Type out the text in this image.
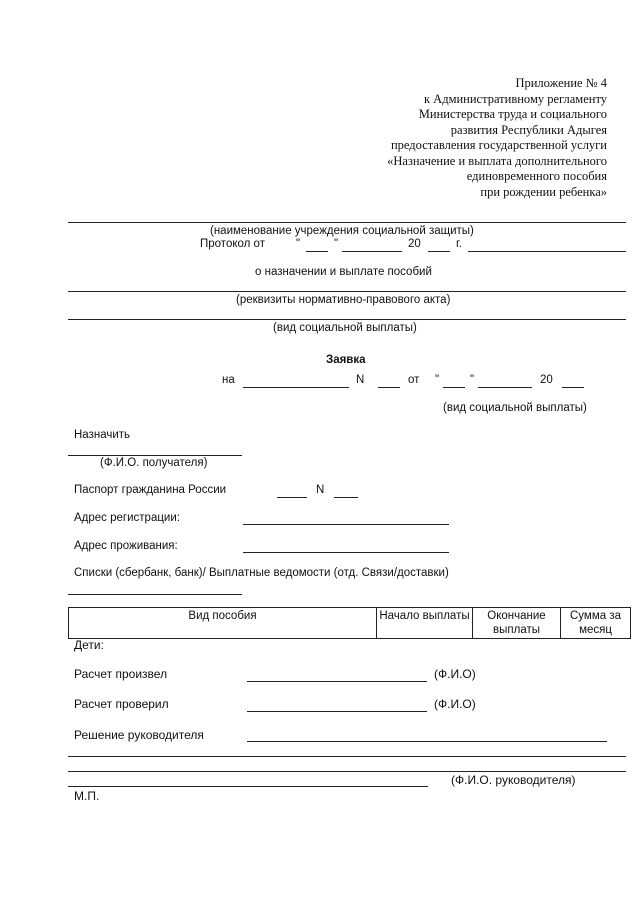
Приложение № 4
к Административному регламенту
Министерства труда и социального
развития Республики Адыгея
предоставления государственной услуги
«Назначение и выплата дополнительного
единовременного пособия
при рождении ребенка»
(наименование учреждения социальной защиты)
Протокол от	"	"	20	г.
о назначении и выплате пособий
(реквизиты нормативно-правового акта)
(вид социальной выплаты)
Заявка
на	N	от "	"	20
(вид социальной выплаты)
Назначить
(Ф.И.О. получателя)
Паспорт гражданина России	N
Адрес регистрации:
Адрес проживания:
Списки (сбербанк, банк)/ Выплатные ведомости (отд. Связи/доставки)
Вид пособия	Начало выплаты	Окончание выплаты	Сумма за месяц
Дети:
Расчет произвел	(Ф.И.О)
Расчет проверил	(Ф.И.О)
Решение руководителя
(Ф.И.О. руководителя)
М.П.
